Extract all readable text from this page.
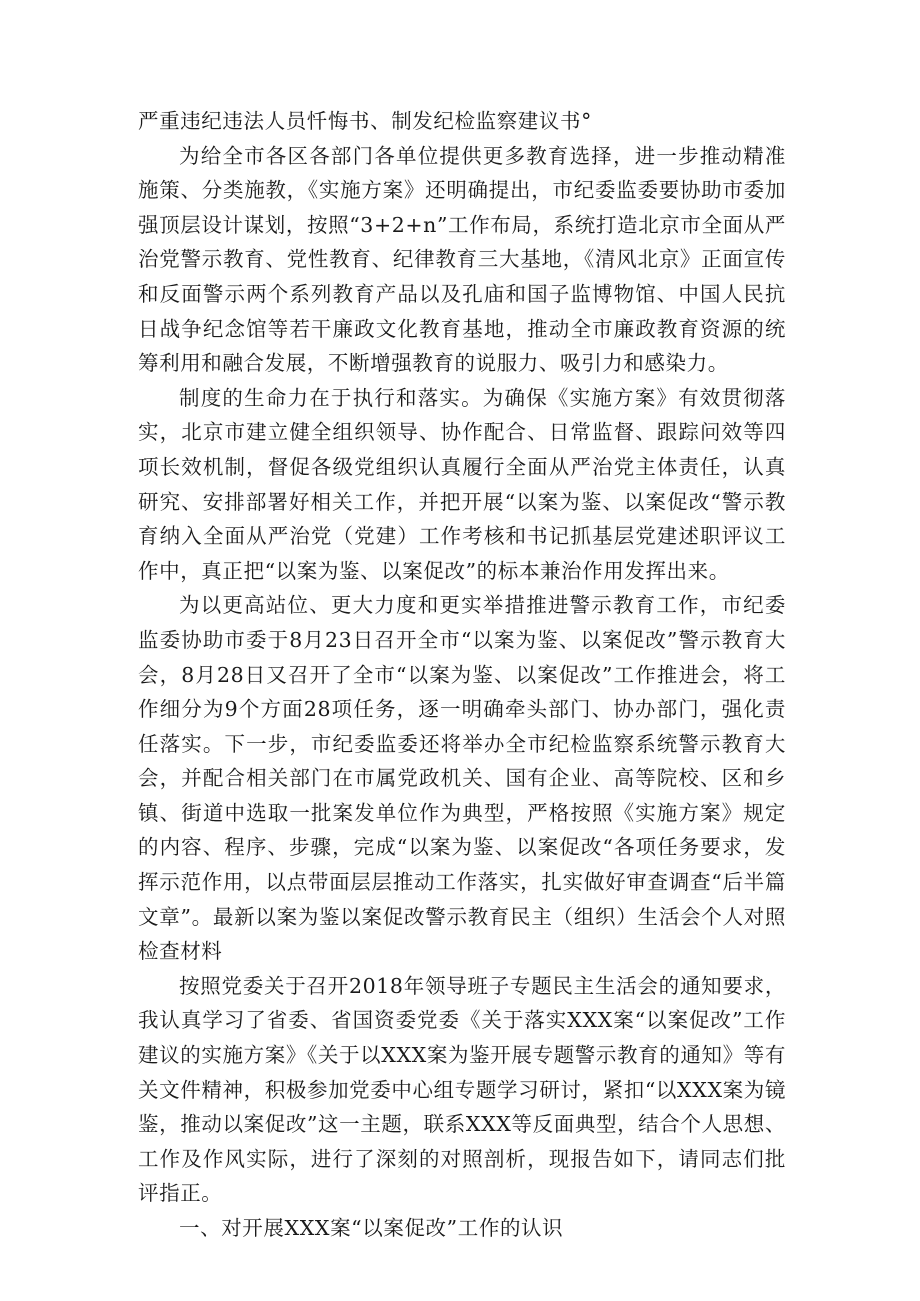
严重违纪违法人员忏悔书、制发纪检监察建议书°

为给全市各区各部门各单位提供更多教育选择，进一步推动精准施策、分类施教，《实施方案》还明确提出，市纪委监委要协助市委加强顶层设计谋划，按照“3+2+n”工作布局，系统打造北京市全面从严治党警示教育、党性教育、纪律教育三大基地，《清风北京》正面宣传和反面警示两个系列教育产品以及孔庙和国子监博物馆、中国人民抗日战争纪念馆等若干廉政文化教育基地，推动全市廉政教育资源的统筹利用和融合发展，不断增强教育的说服力、吸引力和感染力。

制度的生命力在于执行和落实。为确保《实施方案》有效贯彻落实，北京市建立健全组织领导、协作配合、日常监督、跟踪问效等四项长效机制，督促各级党组织认真履行全面从严治党主体责任，认真研究、安排部署好相关工作，并把开展“以案为鉴、以案促改“警示教育纳入全面从严治党（党建）工作考核和书记抓基层党建述职评议工作中，真正把“以案为鉴、以案促改”的标本兼治作用发挥出来。

为以更高站位、更大力度和更实举措推进警示教育工作，市纪委监委协助市委于8月23日召开全市“以案为鉴、以案促改”警示教育大会，8月28日又召开了全市“以案为鉴、以案促改”工作推进会，将工作细分为9个方面28项任务，逐一明确牵头部门、协办部门，强化责任落实。下一步，市纪委监委还将举办全市纪检监察系统警示教育大会，并配合相关部门在市属党政机关、国有企业、高等院校、区和乡镇、街道中选取一批案发单位作为典型，严格按照《实施方案》规定的内容、程序、步骤，完成“以案为鉴、以案促改“各项任务要求，发挥示范作用，以点带面层层推动工作落实，扎实做好审查调查“后半篇文章”。最新以案为鉴以案促改警示教育民主（组织）生活会个人对照检查材料

按照党委关于召开2018年领导班子专题民主生活会的通知要求，我认真学习了省委、省国资委党委《关于落实XXX案“以案促改”工作建议的实施方案》《关于以XXX案为鉴开展专题警示教育的通知》等有关文件精神，积极参加党委中心组专题学习研讨，紧扣“以XXX案为镜鉴，推动以案促改”这一主题，联系XXX等反面典型，结合个人思想、工作及作风实际，进行了深刻的对照剖析，现报告如下，请同志们批评指正。

一、对开展XXX案“以案促改”工作的认识
